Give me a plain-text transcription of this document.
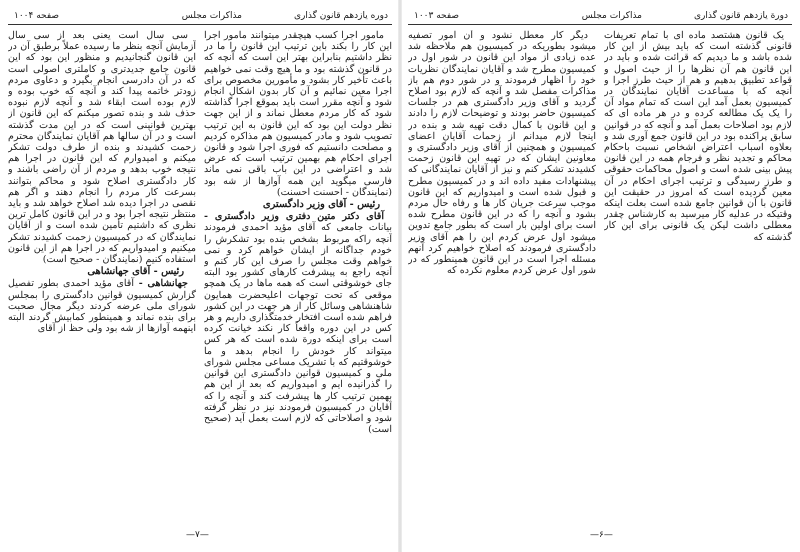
دوره یازدهم قانون گذاری
مذاکرات مجلس
صفحه ۱۰۰۴

مامور اجرا کسب هیچقدر میتوانند مامور اجرا این کار را بکند باین ترتیب این قانون را ما در نظر داشتیم بنابراین بهتر این است که آنچه که در قانون گذشته بود و ما هیچ وقت نمی خواهیم باعث تأخیر کار بشود و مأمورین مخصوص برای اجرا معین نمائیم و آن کار بدون اشکال انجام شود و آنچه مقرر است باید بموقع اجرا گذاشته شود که کار مردم معطل نماند و از این جهت نظر دولت این بود که این قانون به این ترتیب تصویب شود و مادر کمیسیون هم مذاکره کردیم و مصلحت دانستیم که فوری اجرا شود و قانون اجرای احکام هم بهمین ترتیب است که عرض شد و اعتراضی در این باب باقی نمی ماند فارسی میگوید این همه آوازها از شه بود (نمایندگان - احسنت احسنت)

رئیس - آقای وزیر دادگستری

آقای دکتر متین دفتری وزیر دادگستری - بیانات جامعی که آقای مؤید احمدی فرمودند آنچه راکه مربوط بشخص بنده بود تشکرش را خودم جداگانه از ایشان خواهم کرد و نمی خواهم وقت مجلس را صرف این کار کنم و آنچه راجع به پیشرفت کارهای کشور بود البته جای خوشوقتی است که همه ماها در یک همچو موقعی که تحت توجهات اعلیحضرت همایون شاهنشاهی وسائل کار از هر جهت در این کشور فراهم شده است افتخار خدمتگذاری داریم و هر کس در این دوره واقعاً کار نکند خیانت کرده است برای اینکه دورة شده است که هر کس میتواند کار خودش را انجام بدهد و ما خوشوقتیم که با تشریک مساعی مجلس شورای ملی و کمیسیون قوانین دادگستری این قوانین را گذرانیده ایم و امیدواریم که بعد از این هم بهمین ترتیب کار ها پیشرفت کند و آنچه را که آقایان در کمیسیون فرمودند نیز در نظر گرفته شود و اصلاحاتی که لازم است بعمل آید (صحیح است)

سی سال است یعنی بعد از سی سال آزمایش آنچه بنظر ما رسیده عملاً برطبق آن در این قانون گنجانیدیم و منظور این بود که این قانون جامع جدیدتری و کاملتری اصولی است که در آن دادرسی انجام بگیرد و دعاوی مردم زودتر خاتمه پیدا کند و آنچه که خوب بوده و لازم بوده است ابقاء شد و آنچه لازم نبوده حذف شد و بنده تصور میکنم که این قانون از بهترین قوانینی است که در این مدت گذشته است و در آن سالها هم آقایان نمایندگان محترم زحمت کشیدند و بنده از طرف دولت تشکر میکنم و امیدوارم که این قانون در اجرا هم نتیجه خوب بدهد و مردم از آن راضی باشند و کار دادگستری اصلاح شود و محاکم بتوانند بسرعت کار مردم را انجام دهند و اگر هم نقصی در اجرا دیده شد اصلاح خواهد شد و باید منتظر نتیجه اجرا بود و در این قانون کامل ترین نظری که داشتیم تأمین شده است و از آقایان نمایندگان که در کمیسیون زحمت کشیدند تشکر میکنیم و امیدواریم که در اجرا هم از این قانون استفاده کنیم (نمایندگان - صحیح است)

رئیس - آقای جهانشاهی

جهانشاهی - آقای مؤید احمدی بطور تفصیل گزارش کمیسیون قوانین دادگستری را بمجلس شورای ملی عرضه کردند دیگر مجال صحبت برای بنده نماند و همینطور کمابیش گردند البته اینهمه آوازها از شه بود ولی حظ از آقای

—۷—
دورة یازدهم قانون گذاری
مذاکرات مجلس
صفحه ۱۰۰۳

یک قانون هشتصد ماده ای با تمام تعریفات قانونی گذشته است که باید بیش از این کار شده باشد و ما دیدیم که قرائت شده و باید در این قانون هم آن نظرها را از حیث اصول و قواعد تطبیق بدهیم و هم از حیث طرز اجرا و آنچه که با مساعدت آقایان نمایندگان در کمیسیون بعمل آمد این است که تمام مواد آن را یک یک مطالعه کرده و در هر ماده ای که لازم بود اصلاحات بعمل آمد و آنچه که در قوانین سابق پراکنده بود در این قانون جمع آوری شد و بعلاوه اسباب اعتراض اشخاص نسبت باحکام محاکم و تجدید نظر و فرجام همه در این قانون پیش بینی شده است و اصول محاکمات حقوقی و طرز رسیدگی و ترتیب اجرای احکام در آن معین گردیده است که امروز در حقیقت این قانون با آن قوانین جامع شده است بعلت اینکه وقتیکه در عدلیه کار میرسید به کارشناس چقدر معطلی داشت لیکن یک قانونی برای این کار گذشته که

دیگر کار معطل نشود و آن امور تصفیه میشود بطوریکه در کمیسیون هم ملاحظه شد عده زیادی از مواد این قانون در شور اول در کمیسیون مطرح شد و آقایان نمایندگان نظریات خود را اظهار فرمودند و در شور دوم هم باز مذاکرات مفصل شد و آنچه که لازم بود اصلاح گردید و آقای وزیر دادگستری هم در جلسات کمیسیون حاضر بودند و توضیحات لازم را دادند و این قانون با کمال دقت تهیه شد و بنده در اینجا لازم میدانم از زحمات آقایان اعضای کمیسیون و همچنین از آقای وزیر دادگستری و معاونین ایشان که در تهیه این قانون زحمت کشیدند تشکر کنم و نیز از آقایان نمایندگانی که پیشنهادات مفید داده اند و در کمیسیون مطرح و قبول شده است و امیدواریم که این قانون موجب سرعت جریان کار ها و رفاه حال مردم بشود و آنچه را که در این قانون مطرح شده است برای اولین بار است که بطور جامع تدوین میشود اول عرض کردم این را هم آقای وزیر دادگستری فرمودند که اصلاح خواهیم کرد آنهم مسئله اجرا است در این قانون همینطور که در شور اول عرض کردم معلوم نکرده که

—۶—
